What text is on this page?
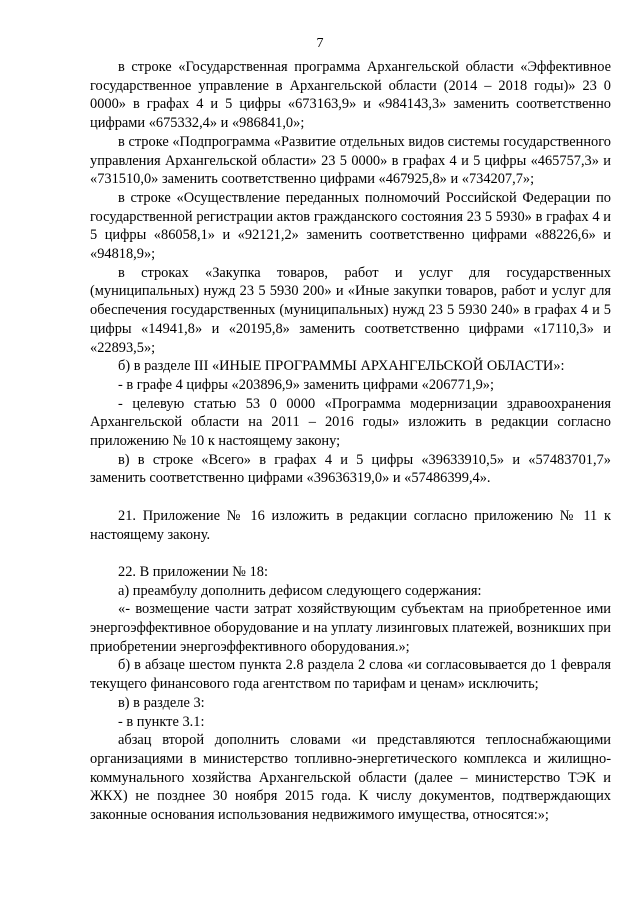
7

в строке «Государственная программа Архангельской области «Эффективное государственное управление в Архангельской области (2014 – 2018 годы)» 23 0 0000» в графах 4 и 5 цифры «673163,9» и «984143,3» заменить соответственно цифрами «675332,4» и «986841,0»;

в строке «Подпрограмма «Развитие отдельных видов системы государственного управления Архангельской области» 23 5 0000» в графах 4 и 5 цифры «465757,3» и «731510,0» заменить соответственно цифрами «467925,8» и «734207,7»;

в строке «Осуществление переданных полномочий Российской Федерации по государственной регистрации актов гражданского состояния 23 5 5930» в графах 4 и 5 цифры «86058,1» и «92121,2» заменить соответственно цифрами «88226,6» и «94818,9»;

в строках «Закупка товаров, работ и услуг для государственных (муниципальных) нужд 23 5 5930 200» и «Иные закупки товаров, работ и услуг для обеспечения государственных (муниципальных) нужд 23 5 5930 240» в графах 4 и 5 цифры «14941,8» и «20195,8» заменить соответственно цифрами «17110,3» и «22893,5»;

б) в разделе III «ИНЫЕ ПРОГРАММЫ АРХАНГЕЛЬСКОЙ ОБЛАСТИ»:

- в графе 4 цифры «203896,9» заменить цифрами «206771,9»;

- целевую статью 53 0 0000 «Программа модернизации здравоохранения Архангельской области на 2011 – 2016 годы» изложить в редакции согласно приложению № 10 к настоящему закону;

в) в строке «Всего» в графах 4 и 5 цифры «39633910,5» и «57483701,7» заменить соответственно цифрами «39636319,0» и «57486399,4».

21. Приложение № 16 изложить в редакции согласно приложению № 11 к настоящему закону.

22. В приложении № 18:

а) преамбулу дополнить дефисом следующего содержания:

«- возмещение части затрат хозяйствующим субъектам на приобретенное ими энергоэффективное оборудование и на уплату лизинговых платежей, возникших при приобретении энергоэффективного оборудования.»;

б) в абзаце шестом пункта 2.8 раздела 2 слова «и согласовывается до 1 февраля текущего финансового года агентством по тарифам и ценам» исключить;

в) в разделе 3:

- в пункте 3.1:

абзац второй дополнить словами «и представляются теплоснабжающими организациями в министерство топливно-энергетического комплекса и жилищно-коммунального хозяйства Архангельской области (далее – министерство ТЭК и ЖКХ) не позднее 30 ноября 2015 года. К числу документов, подтверждающих законные основания использования недвижимого имущества, относятся:»;
